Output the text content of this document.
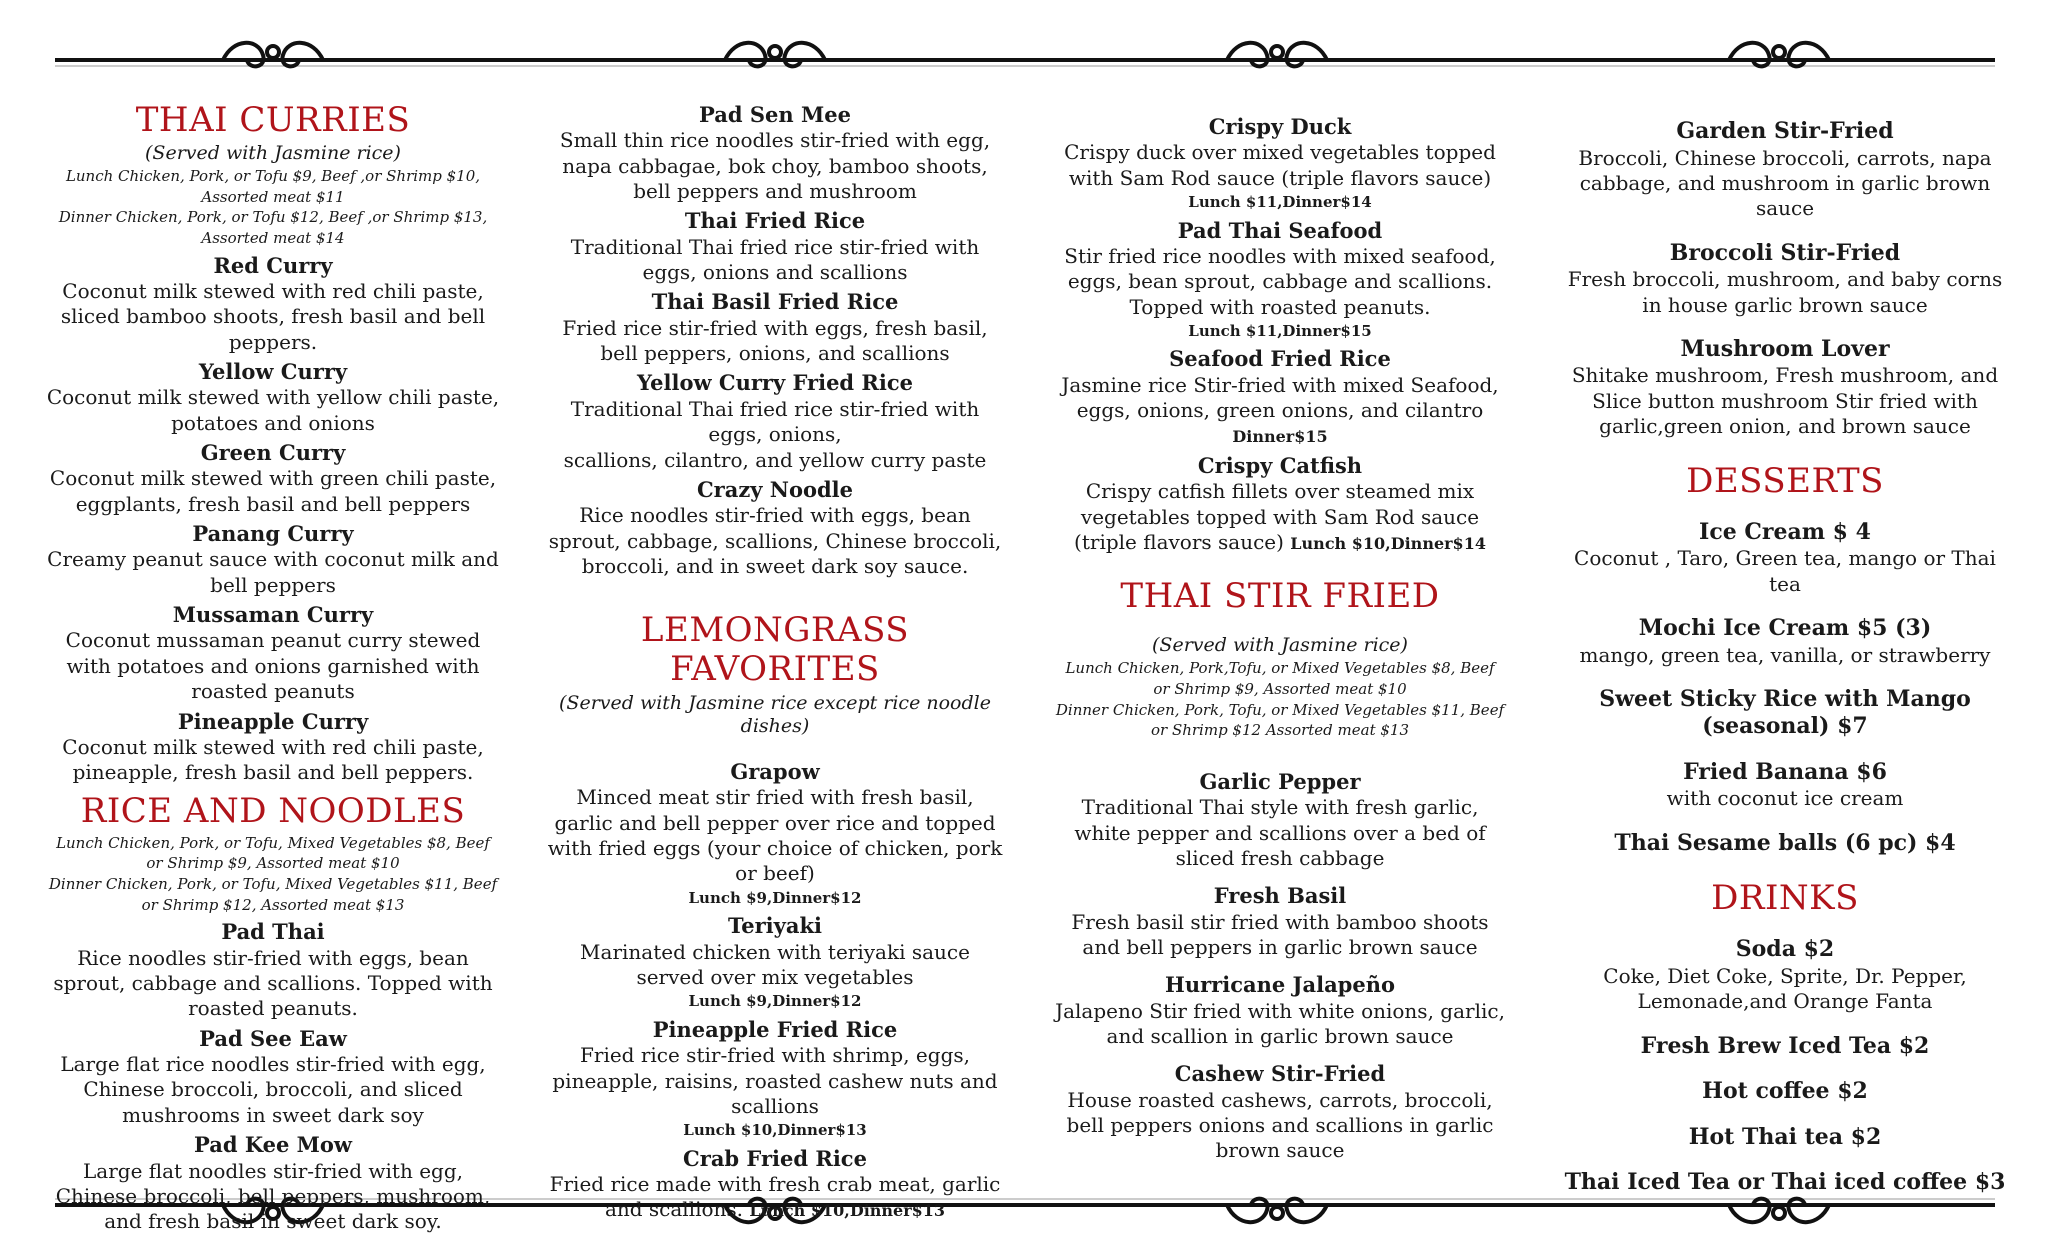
THAI CURRIES
(Served with Jasmine rice)
Lunch Chicken, Pork, or Tofu $9, Beef ,or Shrimp $10,
Assorted meat $11
Dinner Chicken, Pork, or Tofu $12, Beef ,or Shrimp $13,
Assorted meat $14
Red Curry
Coconut milk stewed with red chili paste, sliced bamboo shoots, fresh basil and bell peppers.
Yellow Curry
Coconut milk stewed with yellow chili paste, potatoes and onions
Green Curry
Coconut milk stewed with green chili paste, eggplants, fresh basil and bell peppers
Panang Curry
Creamy peanut sauce with coconut milk and bell peppers
Mussaman Curry
Coconut mussaman peanut curry stewed with potatoes and onions garnished with roasted peanuts
Pineapple Curry
Coconut milk stewed with red chili paste, pineapple, fresh basil and bell peppers.
RICE AND NOODLES
Lunch Chicken, Pork, or Tofu, Mixed Vegetables $8, Beef or Shrimp $9, Assorted meat $10
Dinner Chicken, Pork, or Tofu, Mixed Vegetables $11, Beef or Shrimp $12, Assorted meat $13
Pad Thai
Rice noodles stir-fried with eggs, bean sprout, cabbage and scallions. Topped with roasted peanuts.
Pad See Eaw
Large flat rice noodles stir-fried with egg, Chinese broccoli, broccoli, and sliced mushrooms in sweet dark soy
Pad Kee Mow
Large flat noodles stir-fried with egg, Chinese broccoli, bell peppers, mushroom, and fresh basil in sweet dark soy.
Pad Sen Mee
Small thin rice noodles stir-fried with egg, napa cabbagae, bok choy, bamboo shoots, bell peppers and mushroom
Thai Fried Rice
Traditional Thai fried rice stir-fried with eggs, onions and scallions
Thai Basil Fried Rice
Fried rice stir-fried with eggs, fresh basil, bell peppers, onions, and scallions
Yellow Curry Fried Rice
Traditional Thai fried rice stir-fried with eggs, onions,
scallions, cilantro, and yellow curry paste
Crazy Noodle
Rice noodles stir-fried with eggs, bean sprout, cabbage, scallions, Chinese broccoli, broccoli, and in sweet dark soy sauce.
LEMONGRASS FAVORITES
(Served with Jasmine rice except rice noodle dishes)
Grapow
Minced meat stir fried with fresh basil, garlic and bell pepper over rice and topped with fried eggs (your choice of chicken, pork or beef)
Lunch $9,Dinner$12
Teriyaki
Marinated chicken with teriyaki sauce served over mix vegetables
Lunch $9,Dinner$12
Pineapple Fried Rice
Fried rice stir-fried with shrimp, eggs, pineapple, raisins, roasted cashew nuts and scallions
Lunch $10,Dinner$13
Crab Fried Rice
Fried rice made with fresh crab meat, garlic and scallions. Lunch $10,Dinner$13
Crispy Duck
Crispy duck over mixed vegetables topped with Sam Rod sauce (triple flavors sauce)
Lunch $11,Dinner$14
Pad Thai Seafood
Stir fried rice noodles with mixed seafood, eggs, bean sprout, cabbage and scallions. Topped with roasted peanuts.
Lunch $11,Dinner$15
Seafood Fried Rice
Jasmine rice Stir-fried with mixed Seafood, eggs, onions, green onions, and cilantro Dinner$15
Crispy Catfish
Crispy catfish fillets over steamed mix vegetables topped with Sam Rod sauce (triple flavors sauce) Lunch $10,Dinner$14
THAI STIR FRIED
(Served with Jasmine rice)
Lunch Chicken, Pork,Tofu, or Mixed Vegetables $8, Beef or Shrimp $9, Assorted meat $10
Dinner Chicken, Pork, Tofu, or Mixed Vegetables $11, Beef or Shrimp $12 Assorted meat $13
Garlic Pepper
Traditional Thai style with fresh garlic, white pepper and scallions over a bed of sliced fresh cabbage
Fresh Basil
Fresh basil stir fried with bamboo shoots and bell peppers in garlic brown sauce
Hurricane Jalapeño
Jalapeno Stir fried with white onions, garlic, and scallion in garlic brown sauce
Cashew Stir-Fried
House roasted cashews, carrots, broccoli, bell peppers onions and scallions in garlic brown sauce
Garden Stir-Fried
Broccoli, Chinese broccoli, carrots, napa cabbage, and mushroom in garlic brown sauce
Broccoli Stir-Fried
Fresh broccoli, mushroom, and baby corns in house garlic brown sauce
Mushroom Lover
Shitake mushroom, Fresh mushroom, and Slice button mushroom Stir fried with garlic,green onion, and brown sauce
DESSERTS
Ice Cream $ 4
Coconut , Taro, Green tea, mango or Thai tea
Mochi Ice Cream $5 (3)
mango, green tea, vanilla, or strawberry
Sweet Sticky Rice with Mango (seasonal) $7
Fried Banana $6
with coconut ice cream
Thai Sesame balls (6 pc) $4
DRINKS
Soda $2
Coke, Diet Coke, Sprite, Dr. Pepper, Lemonade,and Orange Fanta
Fresh Brew Iced Tea $2
Hot coffee $2
Hot Thai tea $2
Thai Iced Tea or Thai iced coffee $3
